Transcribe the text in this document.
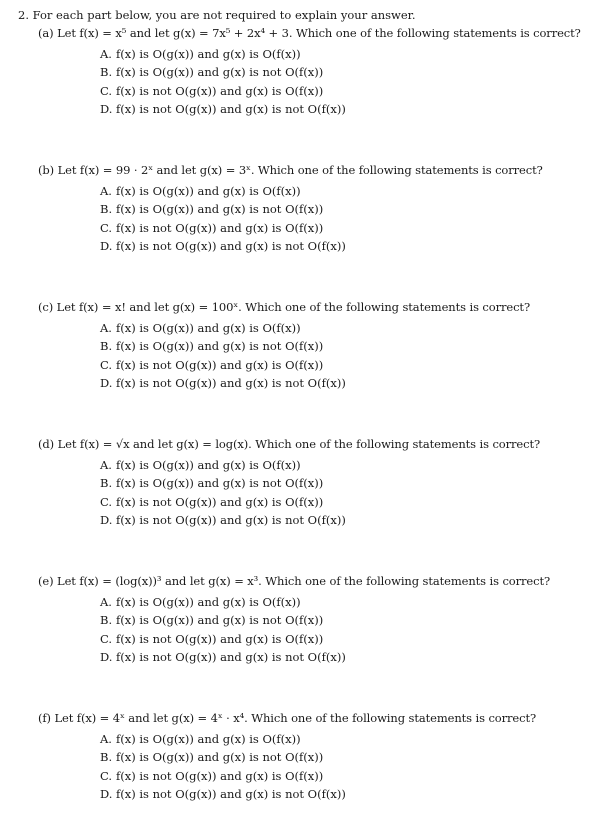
2. For each part below, you are not required to explain your answer.
(a) Let f(x) = x⁵ and let g(x) = 7x⁵ + 2x⁴ + 3. Which one of the following statements is correct?
A. f(x) is O(g(x)) and g(x) is O(f(x))
B. f(x) is O(g(x)) and g(x) is not O(f(x))
C. f(x) is not O(g(x)) and g(x) is O(f(x))
D. f(x) is not O(g(x)) and g(x) is not O(f(x))
(b) Let f(x) = 99 · 2ˣ and let g(x) = 3ˣ. Which one of the following statements is correct?
A. f(x) is O(g(x)) and g(x) is O(f(x))
B. f(x) is O(g(x)) and g(x) is not O(f(x))
C. f(x) is not O(g(x)) and g(x) is O(f(x))
D. f(x) is not O(g(x)) and g(x) is not O(f(x))
(c) Let f(x) = x! and let g(x) = 100ˣ. Which one of the following statements is correct?
A. f(x) is O(g(x)) and g(x) is O(f(x))
B. f(x) is O(g(x)) and g(x) is not O(f(x))
C. f(x) is not O(g(x)) and g(x) is O(f(x))
D. f(x) is not O(g(x)) and g(x) is not O(f(x))
(d) Let f(x) = √x and let g(x) = log(x). Which one of the following statements is correct?
A. f(x) is O(g(x)) and g(x) is O(f(x))
B. f(x) is O(g(x)) and g(x) is not O(f(x))
C. f(x) is not O(g(x)) and g(x) is O(f(x))
D. f(x) is not O(g(x)) and g(x) is not O(f(x))
(e) Let f(x) = (log(x))³ and let g(x) = x³. Which one of the following statements is correct?
A. f(x) is O(g(x)) and g(x) is O(f(x))
B. f(x) is O(g(x)) and g(x) is not O(f(x))
C. f(x) is not O(g(x)) and g(x) is O(f(x))
D. f(x) is not O(g(x)) and g(x) is not O(f(x))
(f) Let f(x) = 4ˣ and let g(x) = 4ˣ · x⁴. Which one of the following statements is correct?
A. f(x) is O(g(x)) and g(x) is O(f(x))
B. f(x) is O(g(x)) and g(x) is not O(f(x))
C. f(x) is not O(g(x)) and g(x) is O(f(x))
D. f(x) is not O(g(x)) and g(x) is not O(f(x))
